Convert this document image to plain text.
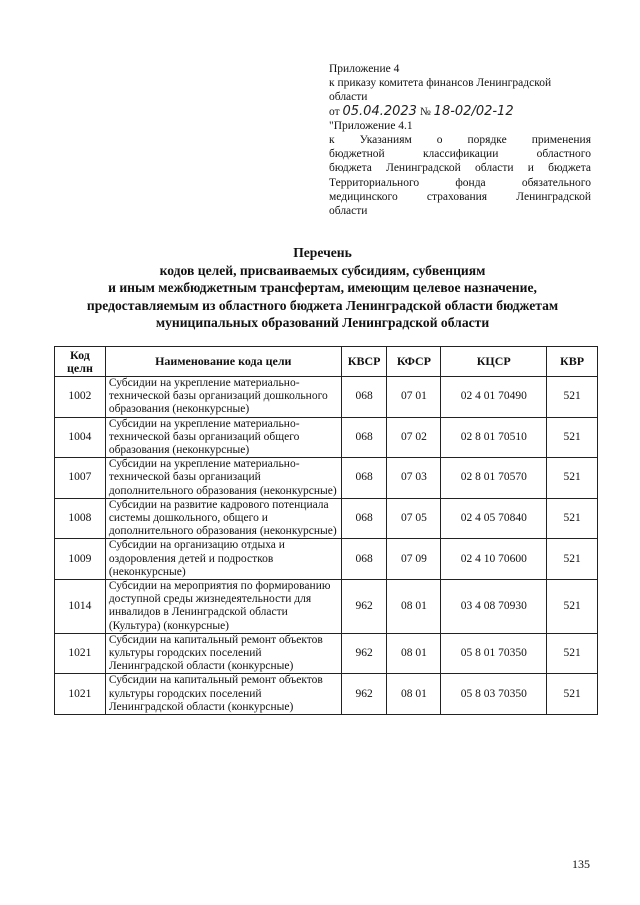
Приложение 4
к приказу комитета финансов Ленинградской
области
от 05.04.2023 № 18-02/02-12
"Приложение 4.1
к Указаниям о порядке применения
бюджетной классификации областного
бюджета Ленинградской области и бюджета
Территориального фонда обязательного
медицинского страхования Ленинградской
области
Перечень
кодов целей, присваиваемых субсидиям, субвенциям
и иным межбюджетным трансфертам, имеющим целевое назначение,
предоставляемым из областного бюджета Ленинградской области бюджетам
муниципальных образований Ленинградской области
Код целн	Наименование кода цели	КВСР	КФСР	КЦСР	КВР
1002	Субсидии на укрепление материально-технической базы организаций дошкольного образования (неконкурсные)	068	07 01	02 4 01 70490	521
1004	Субсидии на укрепление материально-технической базы организаций общего образования (неконкурсные)	068	07 02	02 8 01 70510	521
1007	Субсидии на укрепление материально-технической базы организаций дополнительного образования (неконкурсные)	068	07 03	02 8 01 70570	521
1008	Субсидии на развитие кадрового потенциала системы дошкольного, общего и дополнительного образования (неконкурсные)	068	07 05	02 4 05 70840	521
1009	Субсидии на организацию отдыха и оздоровления детей и подростков (неконкурсные)	068	07 09	02 4 10 70600	521
1014	Субсидии на мероприятия по формированию доступной среды жизнедеятельности для инвалидов в Ленинградской области (Культура) (конкурсные)	962	08 01	03 4 08 70930	521
1021	Субсидии на капитальный ремонт объектов культуры городских поселений Ленинградской области (конкурсные)	962	08 01	05 8 01 70350	521
1021	Субсидии на капитальный ремонт объектов культуры городских поселений Ленинградской области (конкурсные)	962	08 01	05 8 03 70350	521
135
